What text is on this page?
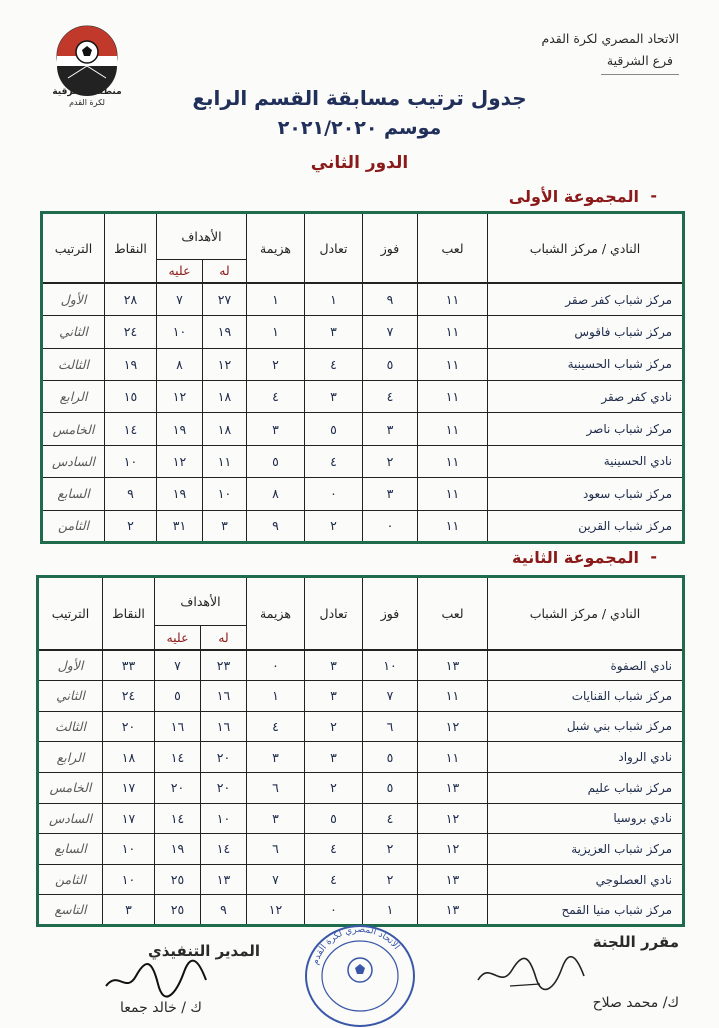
الاتحاد المصري لكرة القدم
فرع الشرقية
منطقة الشرقية
لكرة القدم	جدول ترتيب مسابقة القسم الرابع
موسم ٢٠٢١/٢٠٢٠
الدور الثاني
المجموعة الأولى -
النادي / مركز الشباب	لعب	فوز	تعادل	هزيمة	الأهداف		النقاط	الترتيب
					له	عليه		
مركز شباب كفر صقر	١١	٩	١	١	٢٧	٧	٢٨	الأول
مركز شباب فاقوس	١١	٧	٣	١	١٩	١٠	٢٤	الثاني
مركز شباب الحسينية	١١	٥	٤	٢	١٢	٨	١٩	الثالث
نادي كفر صقر	١١	٤	٣	٤	١٨	١٢	١٥	الرابع
مركز شباب ناصر	١١	٣	٥	٣	١٨	١٩	١٤	الخامس
نادي الحسينية	١١	٢	٤	٥	١١	١٢	١٠	السادس
مركز شباب سعود	١١	٣	٠	٨	١٠	١٩	٩	السابع
مركز شباب القرين	١١	٠	٢	٩	٣	٣١	٢	الثامن
المجموعة الثانية -
النادي / مركز الشباب	لعب	فوز	تعادل	هزيمة	الأهداف		النقاط	الترتيب
					له	عليه		
نادي الصفوة	١٣	١٠	٣	٠	٢٣	٧	٣٣	الأول
مركز شباب القنايات	١١	٧	٣	١	١٦	٥	٢٤	الثاني
مركز شباب بني شبل	١٢	٦	٢	٤	١٦	١٦	٢٠	الثالث
نادي الرواد	١١	٥	٣	٣	٢٠	١٤	١٨	الرابع
مركز شباب عليم	١٣	٥	٢	٦	٢٠	٢٠	١٧	الخامس
نادي بروسيا	١٢	٤	٥	٣	١٠	١٤	١٧	السادس
مركز شباب العزيزية	١٢	٢	٤	٦	١٤	١٩	١٠	السابع
نادي العصلوجي	١٣	٢	٤	٧	١٣	٢٥	١٠	الثامن
مركز شباب منيا القمح	١٣	١	٠	١٢	٩	٢٥	٣	التاسع
مقرر اللجنة
ك/ محمد صلاح
المدير التنفيذي
ك / خالد جمعا
الاتحاد المصري لكرة القدم
